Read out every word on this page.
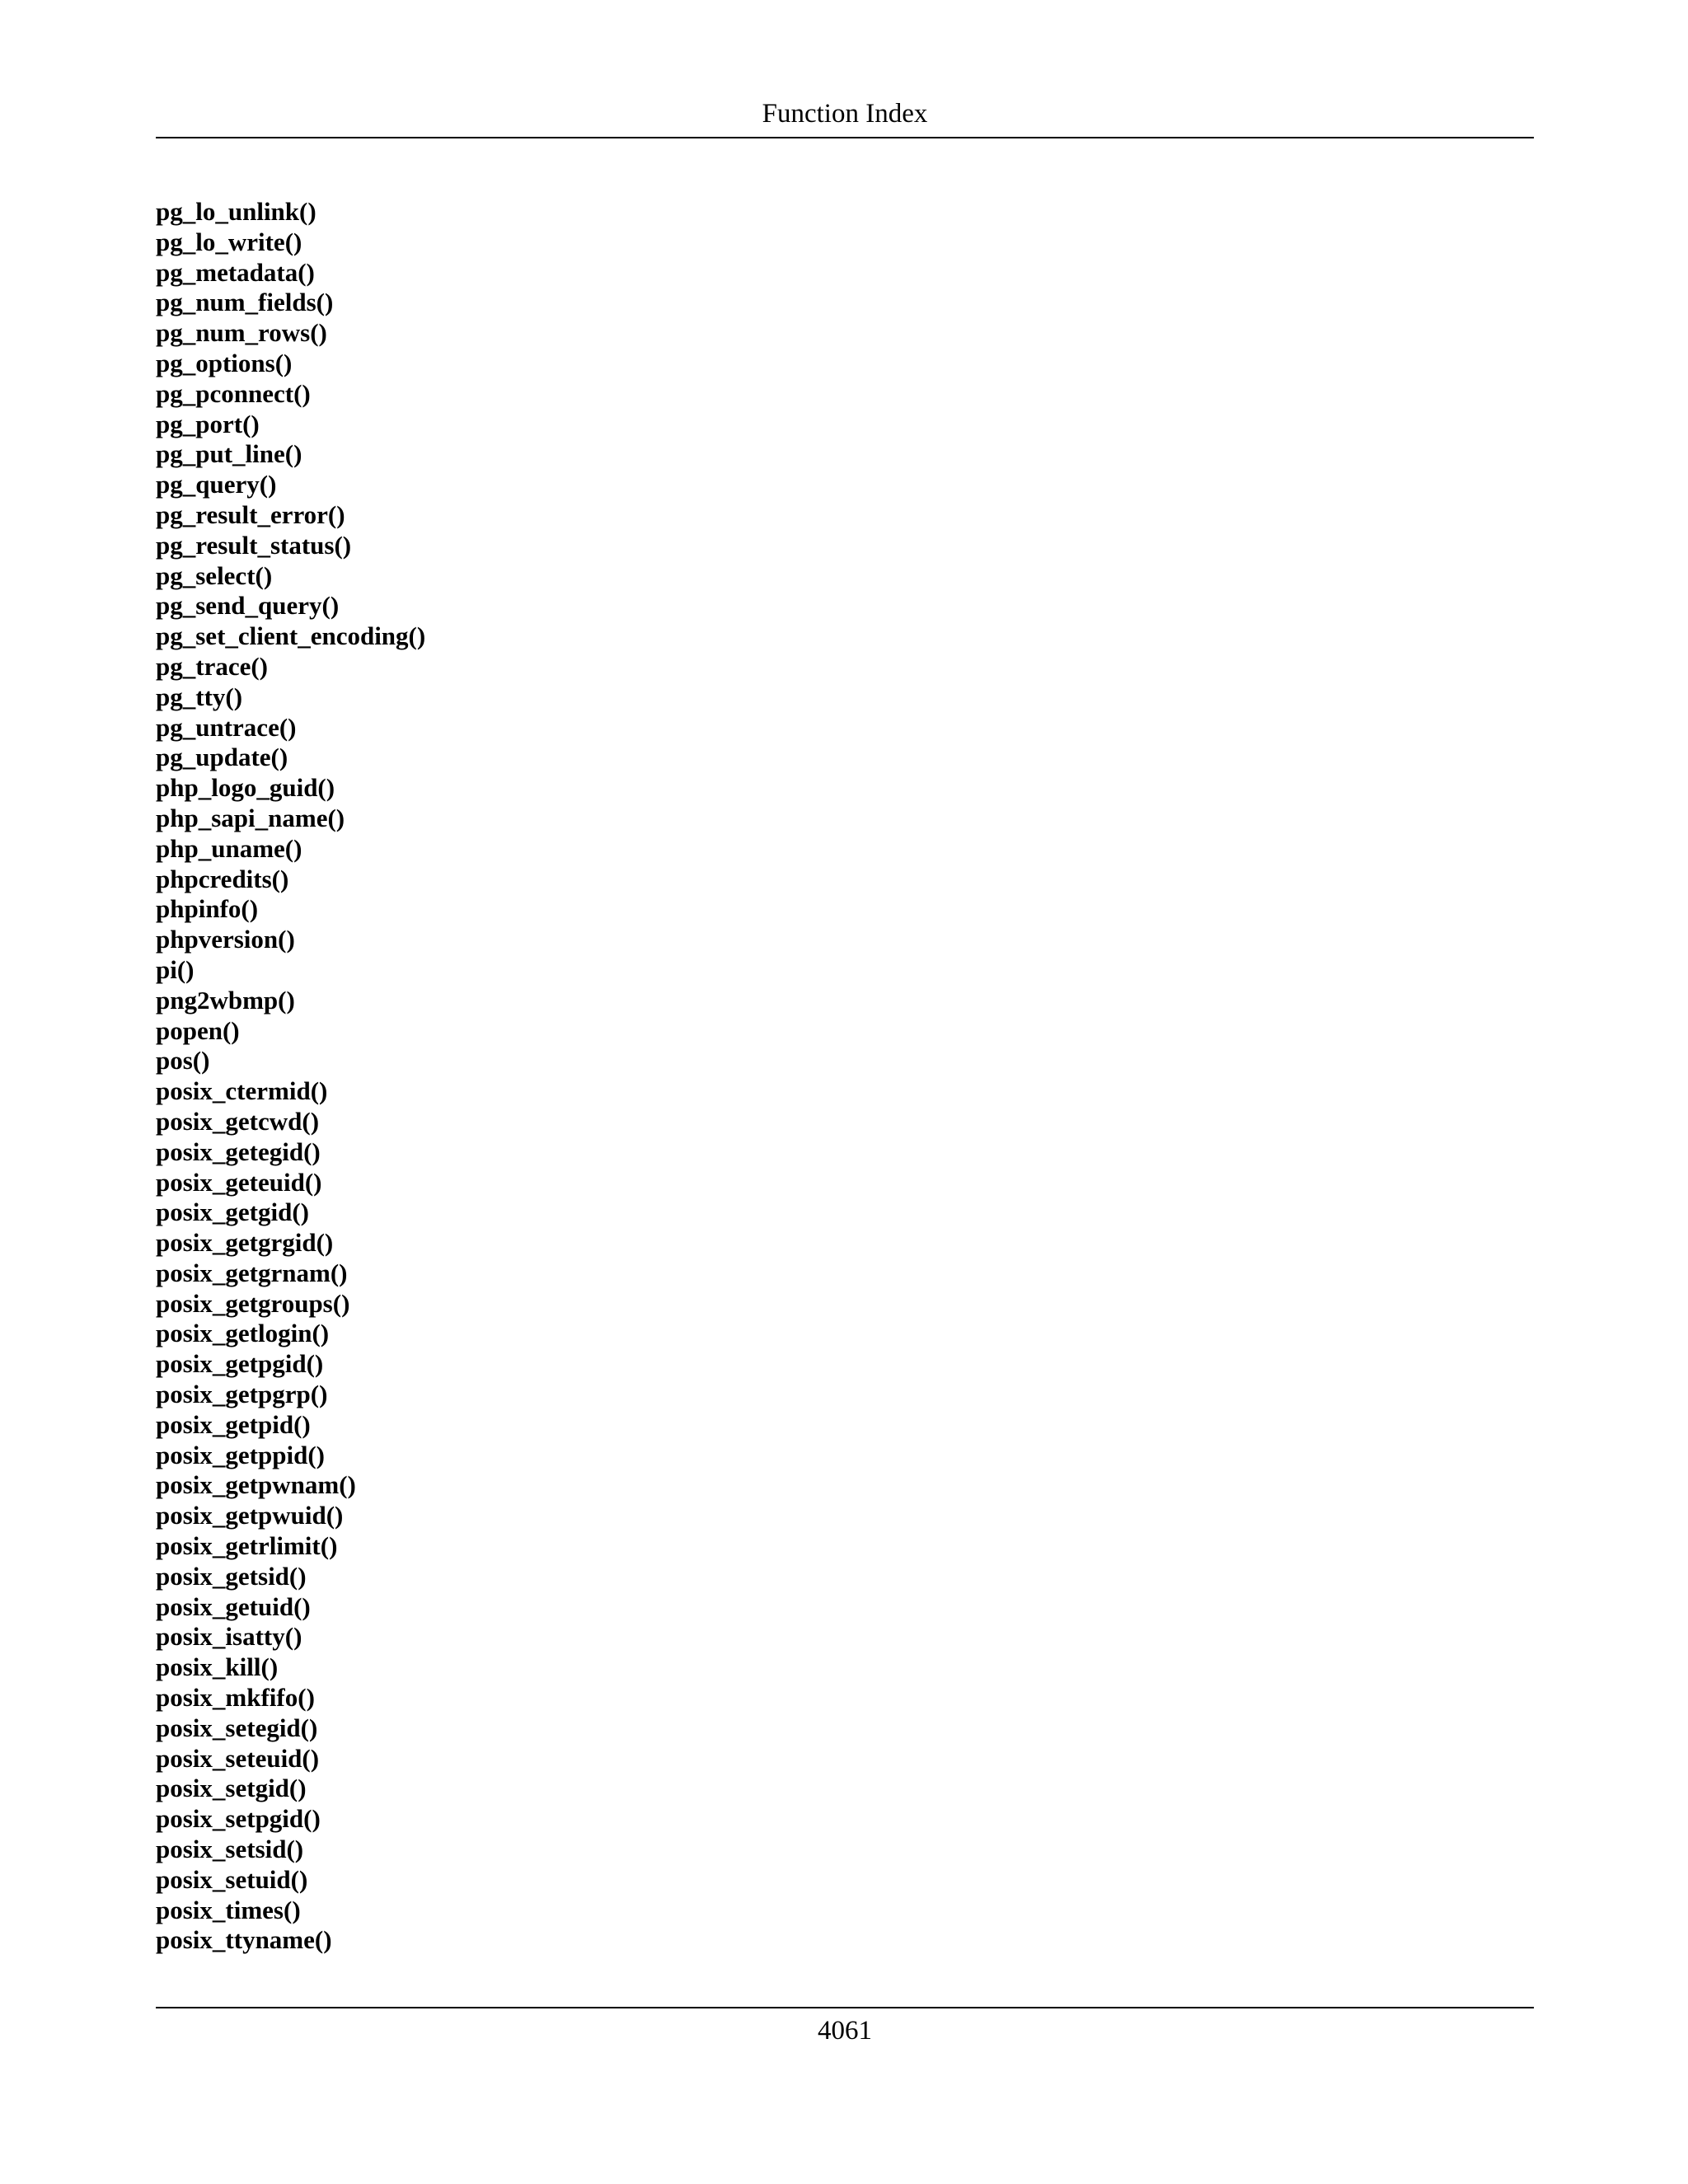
Function Index
pg_lo_unlink()
pg_lo_write()
pg_metadata()
pg_num_fields()
pg_num_rows()
pg_options()
pg_pconnect()
pg_port()
pg_put_line()
pg_query()
pg_result_error()
pg_result_status()
pg_select()
pg_send_query()
pg_set_client_encoding()
pg_trace()
pg_tty()
pg_untrace()
pg_update()
php_logo_guid()
php_sapi_name()
php_uname()
phpcredits()
phpinfo()
phpversion()
pi()
png2wbmp()
popen()
pos()
posix_ctermid()
posix_getcwd()
posix_getegid()
posix_geteuid()
posix_getgid()
posix_getgrgid()
posix_getgrnam()
posix_getgroups()
posix_getlogin()
posix_getpgid()
posix_getpgrp()
posix_getpid()
posix_getppid()
posix_getpwnam()
posix_getpwuid()
posix_getrlimit()
posix_getsid()
posix_getuid()
posix_isatty()
posix_kill()
posix_mkfifo()
posix_setegid()
posix_seteuid()
posix_setgid()
posix_setpgid()
posix_setsid()
posix_setuid()
posix_times()
posix_ttyname()
4061
